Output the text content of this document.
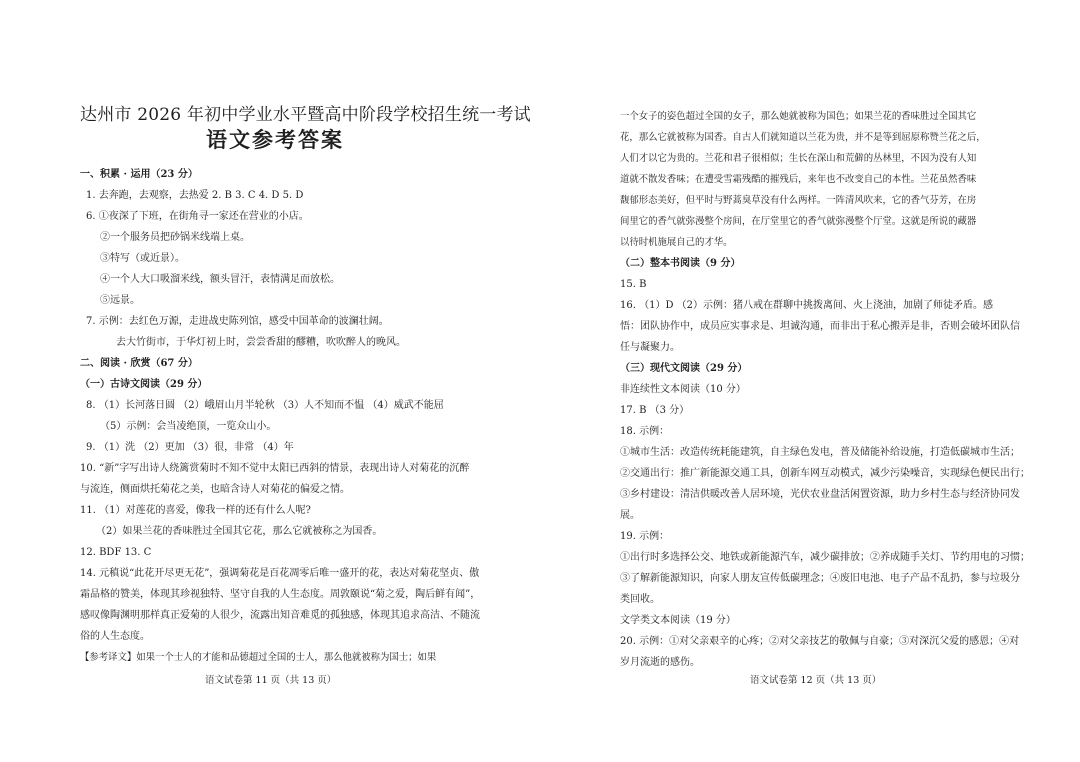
达州市 2026 年初中学业水平暨高中阶段学校招生统一考试
语文参考答案
一、积累 · 运用（23 分）
1. 去奔跑，去观察，去热爱 2. B 3. C 4. D 5. D
6. ①夜深了下班，在街角寻一家还在营业的小店。
②一个服务员把砂锅米线端上桌。
③特写（或近景）。
④一个人大口吸溜米线，额头冒汗，表情满足而放松。
⑤远景。
7. 示例：去红色万源，走进战史陈列馆，感受中国革命的波澜壮阔。
去大竹街市，于华灯初上时，尝尝香甜的醪糟，吹吹醉人的晚风。
二、阅读 · 欣赏（67 分）
（一）古诗文阅读（29 分）
8. （1）长河落日圆 （2）峨眉山月半轮秋 （3）人不知而不愠 （4）威武不能屈
（5）示例：会当凌绝顶，一览众山小。
9. （1）洗 （2）更加 （3）很，非常 （4）年
10. “新”字写出诗人绕篱赏菊时不知不觉中太阳已西斜的情景，表现出诗人对菊花的沉醉
与流连，侧面烘托菊花之美，也暗含诗人对菊花的偏爱之情。
11. （1）对莲花的喜爱，像我一样的还有什么人呢?
（2）如果兰花的香味胜过全国其它花，那么它就被称之为国香。
12. BDF 13. C
14. 元稹说“此花开尽更无花”，强调菊花是百花凋零后唯一盛开的花，表达对菊花坚贞、傲
霜品格的赞美，体现其珍视独特、坚守自我的人生态度。周敦颐说“菊之爱，陶后鲜有闻”，
感叹像陶渊明那样真正爱菊的人很少，流露出知音难觅的孤独感，体现其追求高洁、不随流
俗的人生态度。
【参考译文】如果一个士人的才能和品德超过全国的士人，那么他就被称为国士；如果
语文试卷第 11 页（共 13 页）
一个女子的姿色超过全国的女子，那么她就被称为国色；如果兰花的香味胜过全国其它
花，那么它就被称为国香。自古人们就知道以兰花为贵，并不是等到屈原称赞兰花之后，
人们才以它为贵的。兰花和君子很相似；生长在深山和荒僻的丛林里，不因为没有人知
道就不散发香味；在遭受雪霜残酷的摧残后，来年也不改变自己的本性。兰花虽然香味
馥郁形态美好，但平时与野蒿臭草没有什么两样。一阵清风吹来，它的香气芬芳，在房
间里它的香气就弥漫整个房间，在厅堂里它的香气就弥漫整个厅堂。这就是所说的藏器
以待时机施展自己的才华。
（二）整本书阅读（9 分）
15. B
16. （1）D （2）示例：猪八戒在群聊中挑拨离间、火上浇油，加剧了师徒矛盾。感
悟：团队协作中，成员应实事求是、坦诚沟通，而非出于私心搬弄是非，否则会破坏团队信
任与凝聚力。
（三）现代文阅读（29 分）
非连续性文本阅读（10 分）
17. B （3 分）
18. 示例：
①城市生活：改造传统耗能建筑，自主绿色发电，普及储能补给设施，打造低碳城市生活；
②交通出行：推广新能源交通工具，创新车网互动模式，减少污染噪音，实现绿色便民出行；
③乡村建设：清洁供暖改善人居环境，光伏农业盘活闲置资源，助力乡村生态与经济协同发
展。
19. 示例：
①出行时多选择公交、地铁或新能源汽车，减少碳排放；②养成随手关灯、节约用电的习惯；
③了解新能源知识，向家人朋友宣传低碳理念；④废旧电池、电子产品不乱扔，参与垃圾分
类回收。
文学类文本阅读（19 分）
20. 示例：①对父亲艰辛的心疼；②对父亲技艺的敬佩与自豪；③对深沉父爱的感恩；④对
岁月流逝的感伤。
语文试卷第 12 页（共 13 页）
